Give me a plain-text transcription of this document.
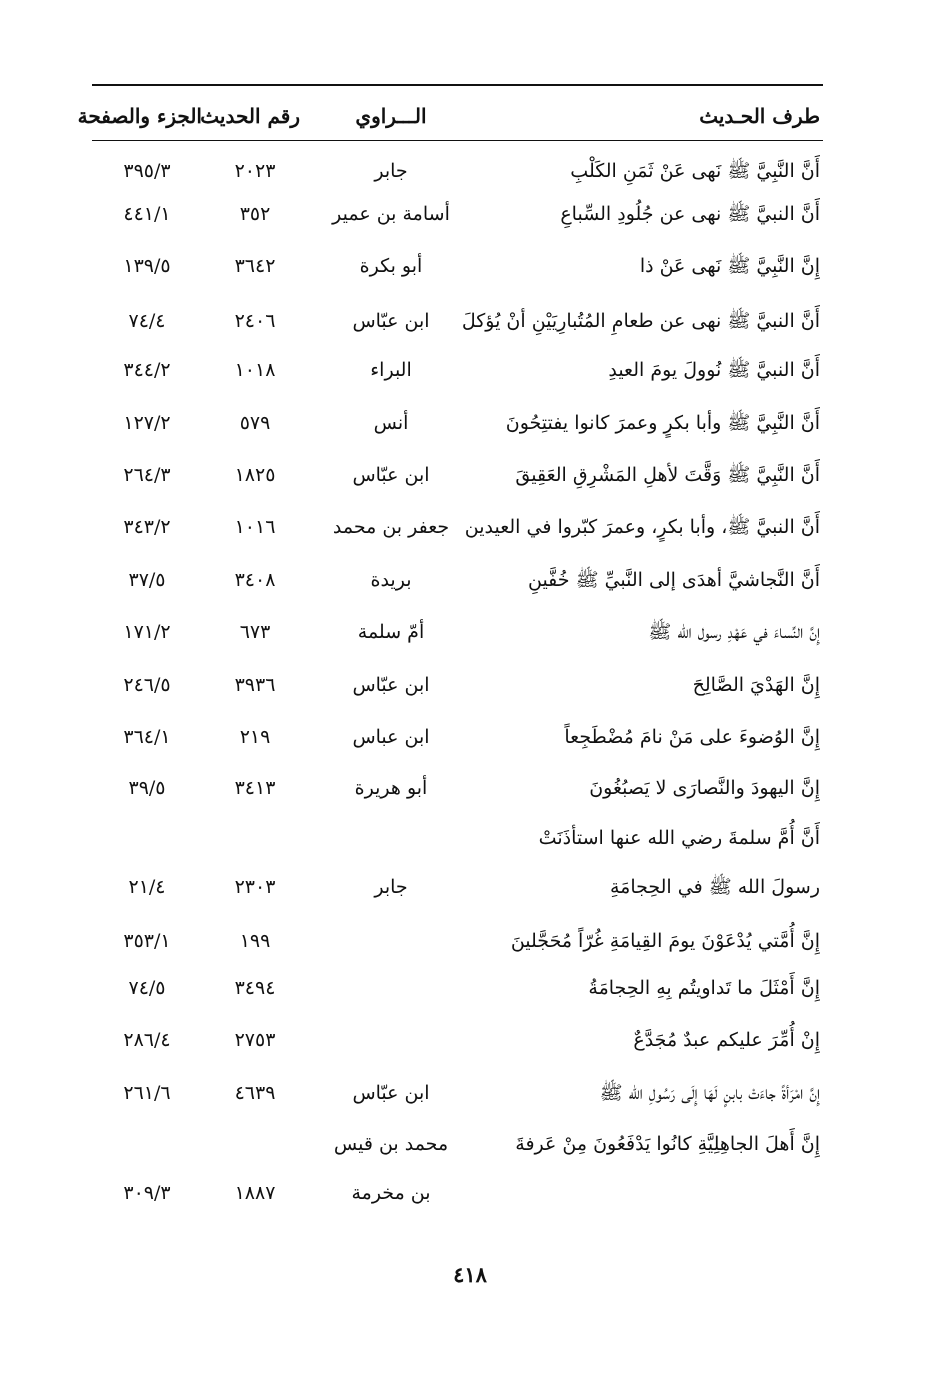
طرف الحـديث
الـــراوي
رقم الحديث
الجزء والصفحة
أَنَّ النَّبِيَّ ﷺ نَهى عَنْ ثَمَنِ الكَلْبِ
جابر
٢٠٢٣
٣٩٥/٣
أَنَّ النبيَّ ﷺ نهى عن جُلُودِ السِّباعِ
أسامة بن عمير
٣٥٢
٤٤١/١
إِنَّ النَّبِيَّ ﷺ نَهى عَنْ ذا
أبو بكرة
٣٦٤٢
١٣٩/٥
أَنَّ النبيَّ ﷺ نهى عن طعامِ المُتُبارِيَيْنِ أنْ يُؤكلَ
ابن عبّاس
٢٤٠٦
٧٤/٤
أَنَّ النبيَّ ﷺ نُوولَ يومَ العيدِ
البراء
١٠١٨
٣٤٤/٢
أَنَّ النَّبِيَّ ﷺ وأبا بكرٍ وعمرَ كانوا يفتتِحُونَ
أنس
٥٧٩
١٢٧/٢
أَنَّ النَّبِيَّ ﷺ وَقَّتَ لأهلِ المَشْرِقِ العَقِيقَ
ابن عبّاس
١٨٢٥
٢٦٤/٣
أَنَّ النبيَّ ﷺ، وأبا بكرٍ، وعمرَ كبّروا في العيدين
جعفر بن محمد
١٠١٦
٣٤٣/٢
أَنَّ النَّجاشيَّ أهدَى إلى النَّبيِّ ﷺ خُفَّينِ
بريدة
٣٤٠٨
٣٧/٥
إِنَّ النِّساءَ في عَهْدِ رسول الله ﷺ
أمّ سلمة
٦٧٣
١٧١/٢
إِنَّ الهَدْيَ الصَّالِحَ
ابن عبّاس
٣٩٣٦
٢٤٦/٥
إِنَّ الوُضوءَ على مَنْ نامَ مُضْطَجِعاً
ابن عباس
٢١٩
٣٦٤/١
إِنَّ اليهودَ والنَّصارَى لا يَصبُغُونَ
أبو هريرة
٣٤١٣
٣٩/٥
أَنَّ أُمَّ سلمةَ رضي الله عنها استأذَنَتْ
رسولَ الله ﷺ في الحِجامَةِ
جابر
٢٣٠٣
٢١/٤
إِنَّ أُمَّتي يُدْعَوْنَ يومَ القِيامَةِ غُرّاً مُحَجَّلينَ
١٩٩
٣٥٣/١
إِنَّ أَمْثَلَ ما تَداويتُم بِهِ الحِجامَةُ
٣٤٩٤
٧٤/٥
إِنْ أُمِّرَ عليكم عبدٌ مُجَدَّعٌ
٢٧٥٣
٢٨٦/٤
إِنَّ امْرَأةً جاءَتْ بابنٍ لَهَا إِلَى رَسُولِ الله ﷺ
ابن عبّاس
٤٦٣٩
٢٦١/٦
إِنَّ أَهلَ الجاهِلِيَّةِ كانُوا يَدْفَعُونَ مِنْ عَرفةَ
محمد بن قيس
بن مخرمة
١٨٨٧
٣٠٩/٣
٤١٨
